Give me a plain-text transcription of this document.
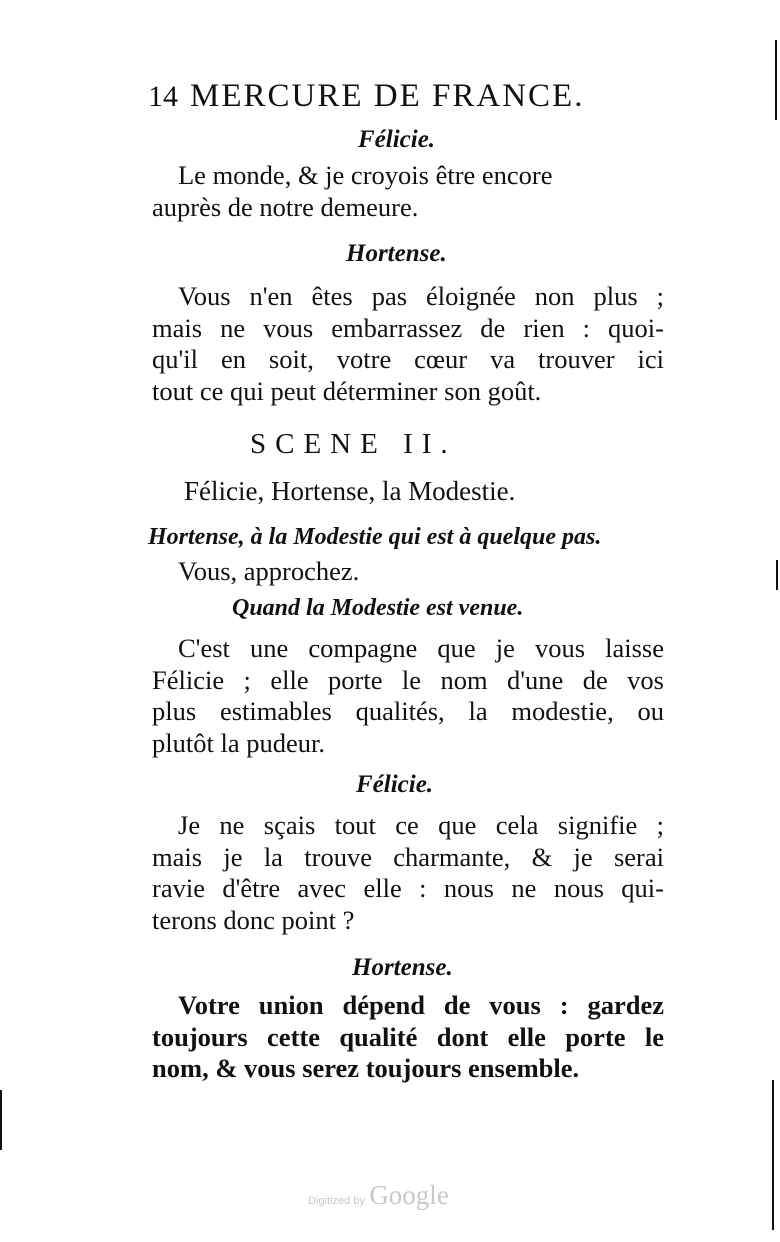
14 MERCURE DE FRANCE.
Félicie.
Le monde, & je croyois être encore
auprès de notre demeure.
Hortense.
Vous n'en êtes pas éloignée non plus ;
mais ne vous embarrassez de rien : quoi-
qu'il en soit, votre cœur va trouver ici
tout ce qui peut déterminer son goût.
SCENE II.
Félicie, Hortense, la Modestie.
Hortense, à la Modestie qui est à quelque pas.
Vous, approchez.
Quand la Modestie est venue.
C'est une compagne que je vous laisse
Félicie ; elle porte le nom d'une de vos
plus estimables qualités, la modestie, ou
plutôt la pudeur.
Félicie.
Je ne sçais tout ce que cela signifie ;
mais je la trouve charmante, & je serai
ravie d'être avec elle : nous ne nous qui-
terons donc point ?
Hortense.
Votre union dépend de vous : gardez
toujours cette qualité dont elle porte le
nom, & vous serez toujours ensemble.
Digitized by Google
